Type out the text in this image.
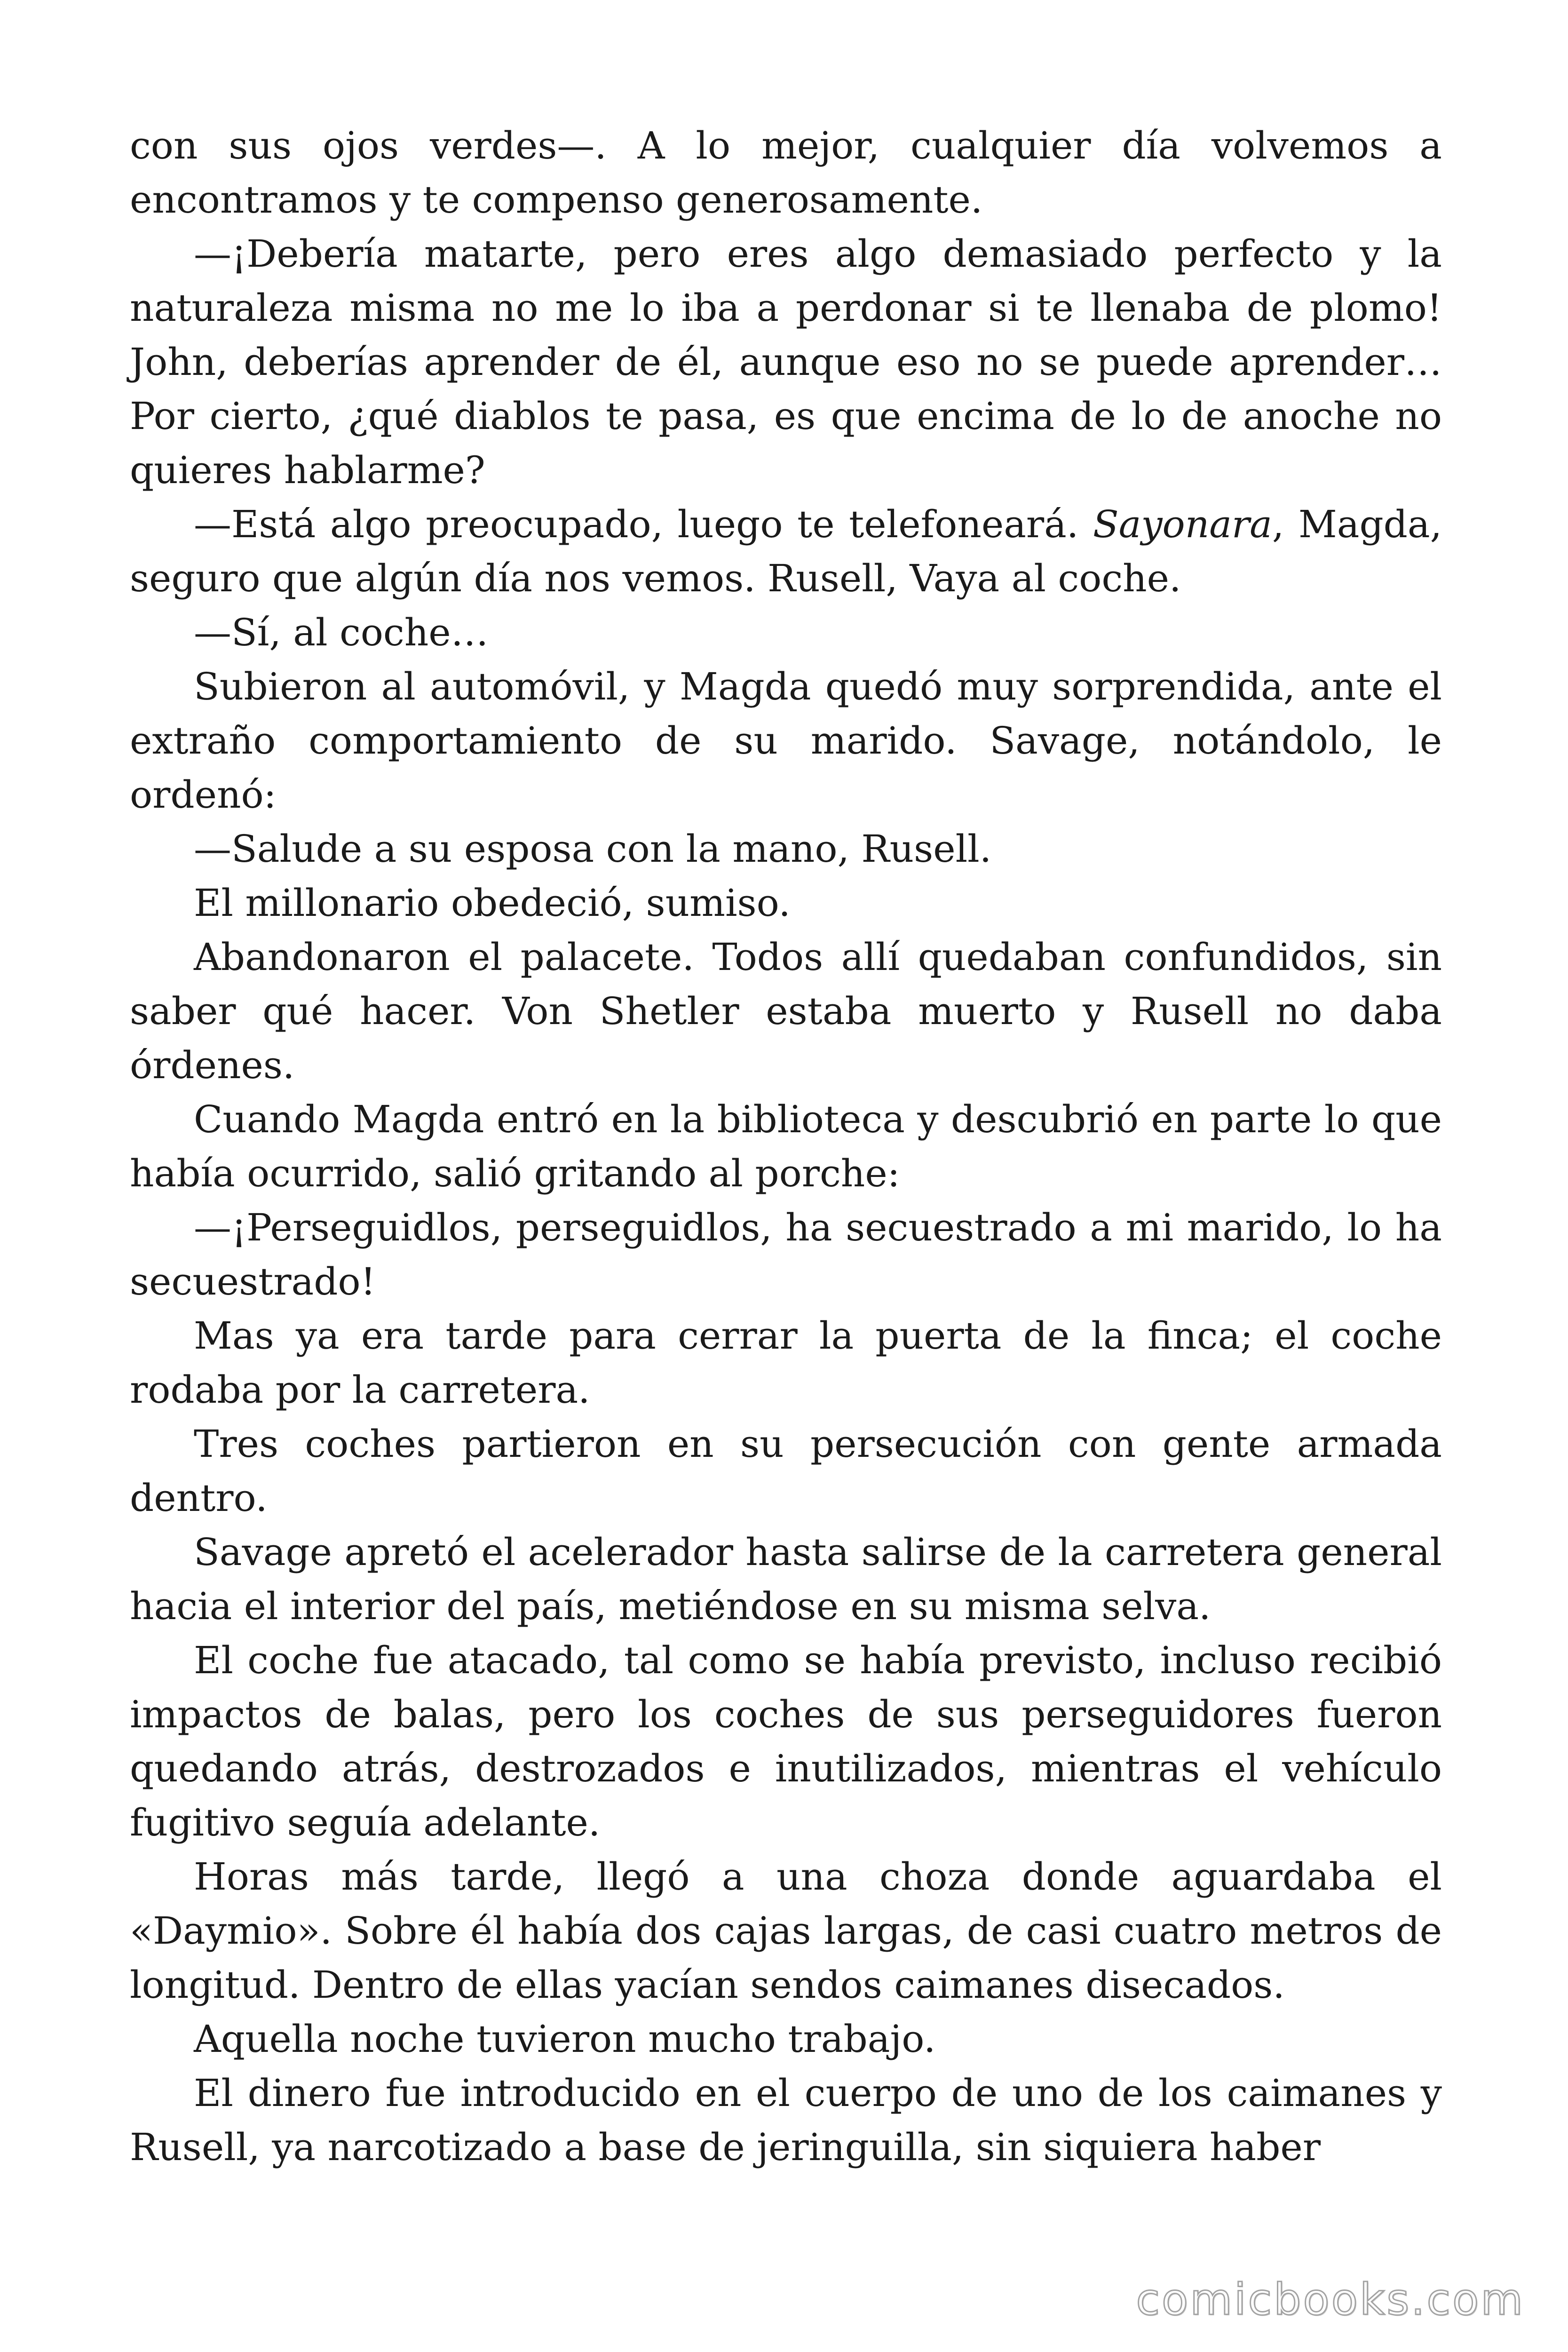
con sus ojos verdes—. A lo mejor, cualquier día volvemos a encontramos y te compenso generosamente.

—¡Debería matarte, pero eres algo demasiado perfecto y la naturaleza misma no me lo iba a perdonar si te llenaba de plomo! John, deberías aprender de él, aunque eso no se puede aprender… Por cierto, ¿qué diablos te pasa, es que encima de lo de anoche no quieres hablarme?

—Está algo preocupado, luego te telefoneará. Sayonara, Magda, seguro que algún día nos vemos. Rusell, Vaya al coche.

—Sí, al coche…

Subieron al automóvil, y Magda quedó muy sorprendida, ante el extraño comportamiento de su marido. Savage, notándolo, le ordenó:

—Salude a su esposa con la mano, Rusell.

El millonario obedeció, sumiso.

Abandonaron el palacete. Todos allí quedaban confundidos, sin saber qué hacer. Von Shetler estaba muerto y Rusell no daba órdenes.

Cuando Magda entró en la biblioteca y descubrió en parte lo que había ocurrido, salió gritando al porche:

—¡Perseguidlos, perseguidlos, ha secuestrado a mi marido, lo ha secuestrado!

Mas ya era tarde para cerrar la puerta de la finca; el coche rodaba por la carretera.

Tres coches partieron en su persecución con gente armada dentro.

Savage apretó el acelerador hasta salirse de la carretera general hacia el interior del país, metiéndose en su misma selva.

El coche fue atacado, tal como se había previsto, incluso recibió impactos de balas, pero los coches de sus perseguidores fueron quedando atrás, destrozados e inutilizados, mientras el vehículo fugitivo seguía adelante.

Horas más tarde, llegó a una choza donde aguardaba el «Daymio». Sobre él había dos cajas largas, de casi cuatro metros de longitud. Dentro de ellas yacían sendos caimanes disecados.

Aquella noche tuvieron mucho trabajo.

El dinero fue introducido en el cuerpo de uno de los caimanes y Rusell, ya narcotizado a base de jeringuilla, sin siquiera haber

comicbooks.com
